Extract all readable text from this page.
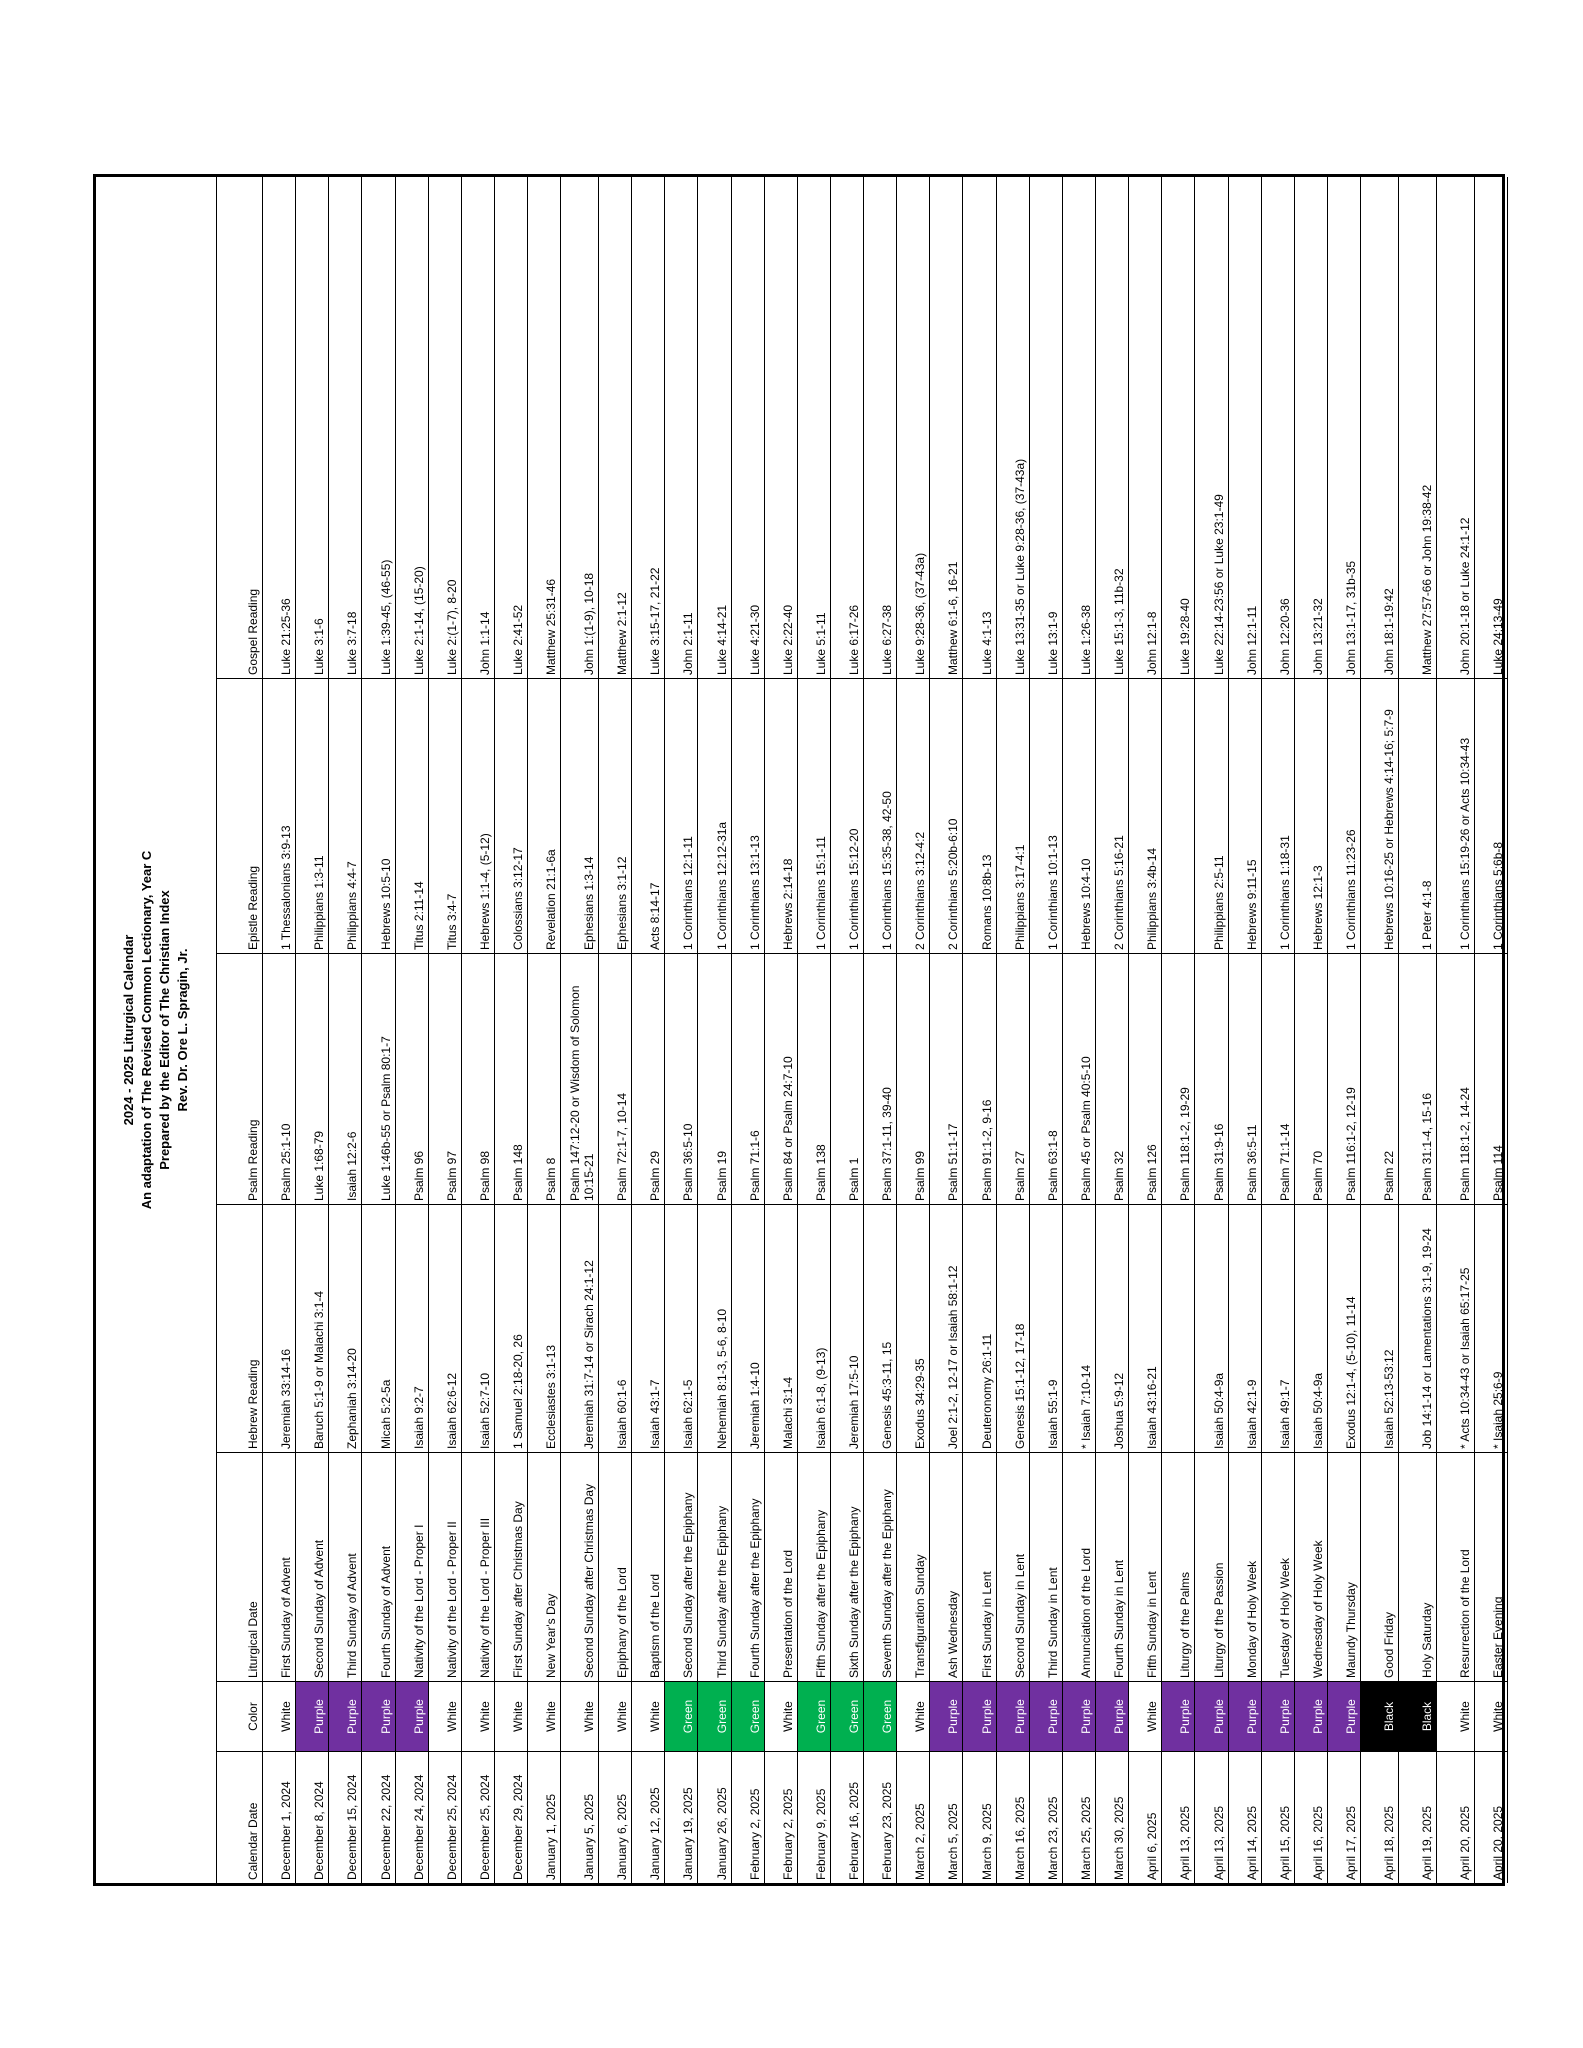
2024 - 2025 Liturgical Calendar An adaptation of The Revised Common Lectionary, Year C Prepared by the Editor of The Christian Index Rev. Dr. Ore L. Spragin, Jr.
Calendar Date
Color
Liturgical Date
Hebrew Reading
Psalm Reading
Epistle Reading
Gospel Reading
December 1, 2024
White
First Sunday of Advent
Jeremiah 33:14-16
Psalm 25:1-10
1 Thessalonians 3:9-13
Luke 21:25-36
December 8, 2024
Purple
Second Sunday of Advent
Baruch 5:1-9 or Malachi 3:1-4
Luke 1:68-79
Philippians 1:3-11
Luke 3:1-6
December 15, 2024
Purple
Third Sunday of Advent
Zephaniah 3:14-20
Isaiah 12:2-6
Philippians 4:4-7
Luke 3:7-18
December 22, 2024
Purple
Fourth Sunday of Advent
Micah 5:2-5a
Luke 1:46b-55 or Psalm 80:1-7
Hebrews 10:5-10
Luke 1:39-45, (46-55)
December 24, 2024
Purple
Nativity of the Lord - Proper I
Isaiah 9:2-7
Psalm 96
Titus 2:11-14
Luke 2:1-14, (15-20)
December 25, 2024
White
Nativity of the Lord - Proper II
Isaiah 62:6-12
Psalm 97
Titus 3:4-7
Luke 2:(1-7), 8-20
December 25, 2024
White
Nativity of the Lord - Proper III
Isaiah 52:7-10
Psalm 98
Hebrews 1:1-4, (5-12)
John 1:1-14
December 29, 2024
White
First Sunday after Christmas Day
1 Samuel 2:18-20, 26
Psalm 148
Colossians 3:12-17
Luke 2:41-52
January 1, 2025
White
New Year's Day
Ecclesiastes 3:1-13
Psalm 8
Revelation 21:1-6a
Matthew 25:31-46
January 5, 2025
White
Second Sunday after Christmas Day
Jeremiah 31:7-14 or Sirach 24:1-12
Psalm 147:12-20 or Wisdom of Solomon 10:15-21
Ephesians 1:3-14
John 1:(1-9), 10-18
January 6, 2025
White
Epiphany of the Lord
Isaiah 60:1-6
Psalm 72:1-7, 10-14
Ephesians 3:1-12
Matthew 2:1-12
January 12, 2025
White
Baptism of the Lord
Isaiah 43:1-7
Psalm 29
Acts 8:14-17
Luke 3:15-17, 21-22
January 19, 2025
Green
Second Sunday after the Epiphany
Isaiah 62:1-5
Psalm 36:5-10
1 Corinthians 12:1-11
John 2:1-11
January 26, 2025
Green
Third Sunday after the Epiphany
Nehemiah 8:1-3, 5-6, 8-10
Psalm 19
1 Corinthians 12:12-31a
Luke 4:14-21
February 2, 2025
Green
Fourth Sunday after the Epiphany
Jeremiah 1:4-10
Psalm 71:1-6
1 Corinthians 13:1-13
Luke 4:21-30
February 2, 2025
White
Presentation of the Lord
Malachi 3:1-4
Psalm 84 or Psalm 24:7-10
Hebrews 2:14-18
Luke 2:22-40
February 9, 2025
Green
Fifth Sunday after the Epiphany
Isaiah 6:1-8, (9-13)
Psalm 138
1 Corinthians 15:1-11
Luke 5:1-11
February 16, 2025
Green
Sixth Sunday after the Epiphany
Jeremiah 17:5-10
Psalm 1
1 Corinthians 15:12-20
Luke 6:17-26
February 23, 2025
Green
Seventh Sunday after the Epiphany
Genesis 45:3-11, 15
Psalm 37:1-11, 39-40
1 Corinthians 15:35-38, 42-50
Luke 6:27-38
March 2, 2025
White
Transfiguration Sunday
Exodus 34:29-35
Psalm 99
2 Corinthians 3:12-4:2
Luke 9:28-36, (37-43a)
March 5, 2025
Purple
Ash Wednesday
Joel 2:1-2, 12-17 or Isaiah 58:1-12
Psalm 51:1-17
2 Corinthians 5:20b-6:10
Matthew 6:1-6, 16-21
March 9, 2025
Purple
First Sunday in Lent
Deuteronomy 26:1-11
Psalm 91:1-2, 9-16
Romans 10:8b-13
Luke 4:1-13
March 16, 2025
Purple
Second Sunday in Lent
Genesis 15:1-12, 17-18
Psalm 27
Philippians 3:17-4:1
Luke 13:31-35 or Luke 9:28-36, (37-43a)
March 23, 2025
Purple
Third Sunday in Lent
Isaiah 55:1-9
Psalm 63:1-8
1 Corinthians 10:1-13
Luke 13:1-9
March 25, 2025
Purple
Annunciation of the Lord
* Isaiah 7:10-14
Psalm 45 or Psalm 40:5-10
Hebrews 10:4-10
Luke 1:26-38
March 30, 2025
Purple
Fourth Sunday in Lent
Joshua 5:9-12
Psalm 32
2 Corinthians 5:16-21
Luke 15:1-3, 11b-32
April 6, 2025
White
Fifth Sunday in Lent
Isaiah 43:16-21
Psalm 126
Philippians 3:4b-14
John 12:1-8
April 13, 2025
Purple
Liturgy of the Palms
Psalm 118:1-2, 19-29
Luke 19:28-40
April 13, 2025
Purple
Liturgy of the Passion
Isaiah 50:4-9a
Psalm 31:9-16
Philippians 2:5-11
Luke 22:14-23:56 or Luke 23:1-49
April 14, 2025
Purple
Monday of Holy Week
Isaiah 42:1-9
Psalm 36:5-11
Hebrews 9:11-15
John 12:1-11
April 15, 2025
Purple
Tuesday of Holy Week
Isaiah 49:1-7
Psalm 71:1-14
1 Corinthians 1:18-31
John 12:20-36
April 16, 2025
Purple
Wednesday of Holy Week
Isaiah 50:4-9a
Psalm 70
Hebrews 12:1-3
John 13:21-32
April 17, 2025
Purple
Maundy Thursday
Exodus 12:1-4, (5-10), 11-14
Psalm 116:1-2, 12-19
1 Corinthians 11:23-26
John 13:1-17, 31b-35
April 18, 2025
Black
Good Friday
Isaiah 52:13-53:12
Psalm 22
Hebrews 10:16-25 or Hebrews 4:14-16; 5:7-9
John 18:1-19:42
April 19, 2025
Black
Holy Saturday
Job 14:1-14 or Lamentations 3:1-9, 19-24
Psalm 31:1-4, 15-16
1 Peter 4:1-8
Matthew 27:57-66 or John 19:38-42
April 20, 2025
White
Resurrection of the Lord
* Acts 10:34-43 or Isaiah 65:17-25
Psalm 118:1-2, 14-24
1 Corinthians 15:19-26 or Acts 10:34-43
John 20:1-18 or Luke 24:1-12
April 20, 2025
White
Easter Evening
* Isaiah 25:6-9
Psalm 114
1 Corinthians 5:6b-8
Luke 24:13-49
